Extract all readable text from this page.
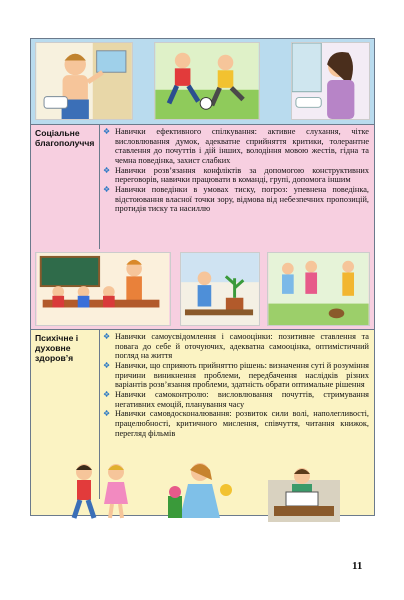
Соціальне благополуччя
❖ Навички ефективного спілкування: активне слухання, чітке висловлювання думок, адекватне сприйняття критики, толерантне ставлення до почуттів і дій інших, володіння мовою жестів, гідна та чемна поведінка, захист слабких
❖ Навички розв’язання конфліктів за допомогою конструктивних переговорів, навички працювати в команді, групі, допомога іншим
❖ Навички поведінки в умовах тиску, погроз: упевнена поведінка, відстоювання власної точки зору, відмова від небезпечних пропозицій, протидія тиску та насиллю
Психічне і духовне здоров’я
❖ Навички самоусвідомлення і самооцінки: позитивне ставлення та повага до себе й оточуючих, адекватна самооцінка, оптимістичний погляд на життя
❖ Навички, що сприяють прийняттю рішень: визначення суті й розуміння причини виникнення проблеми, передбачення наслідків різних варіантів розв’язання проблеми, здатність обрати оптимальне рішення
❖ Навички самоконтролю: висловлювання почуттів, стримування негативних емоцій, планування часу
❖ Навички самовдосконалювання: розвиток сили волі, наполегливості, працелюбності, критичного мислення, співчуття, читання книжок, перегляд фільмів
11
